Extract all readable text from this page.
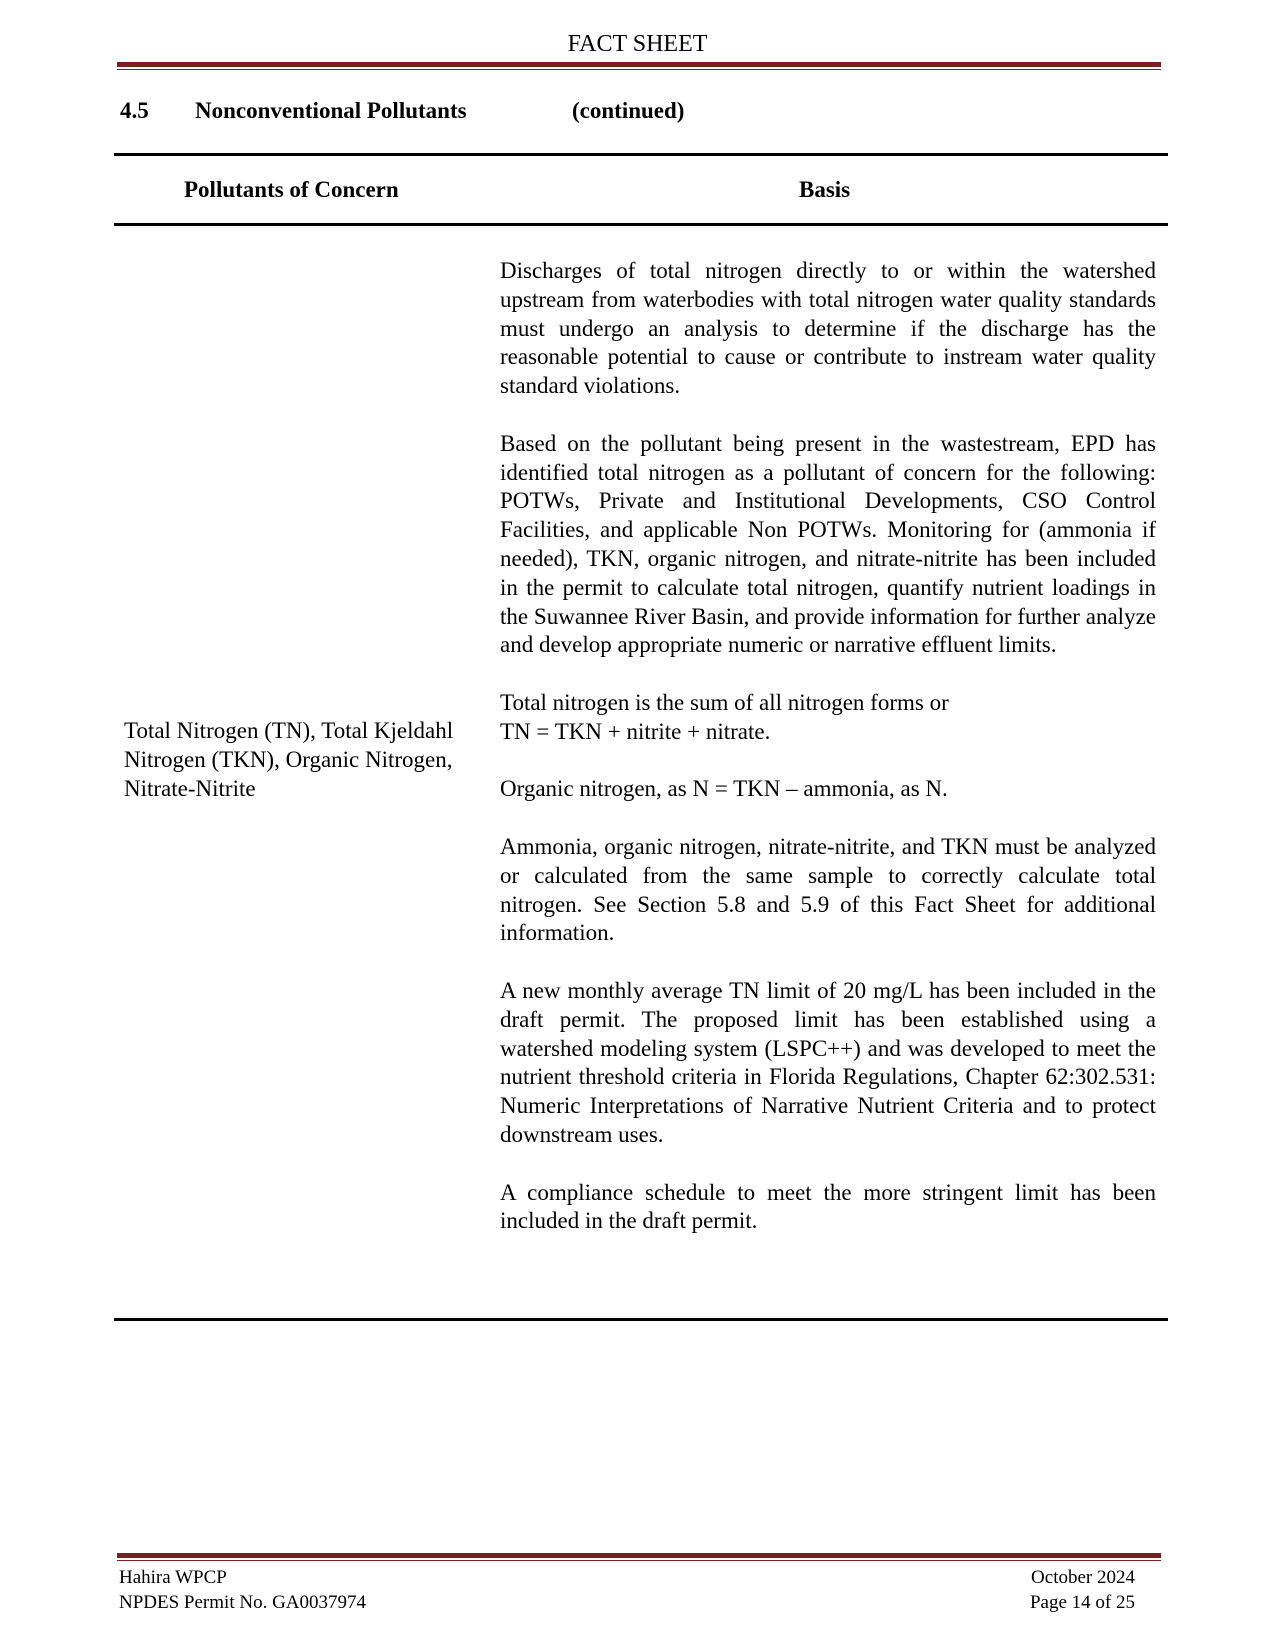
FACT SHEET
4.5 Nonconventional Pollutants	(continued)
Pollutants of Concern	Basis

Discharges of total nitrogen directly to or within the watershed upstream from waterbodies with total nitrogen water quality standards must undergo an analysis to determine if the discharge has the reasonable potential to cause or contribute to instream water quality standard violations.

Based on the pollutant being present in the wastestream, EPD has identified total nitrogen as a pollutant of concern for the following: POTWs, Private and Institutional Developments, CSO Control Facilities, and applicable Non POTWs. Monitoring for (ammonia if needed), TKN, organic nitrogen, and nitrate-nitrite has been included in the permit to calculate total nitrogen, quantify nutrient loadings in the Suwannee River Basin, and provide information for further analyze and develop appropriate numeric or narrative effluent limits.

Total nitrogen is the sum of all nitrogen forms or
TN = TKN + nitrite + nitrate.

Organic nitrogen, as N = TKN – ammonia, as N.

Ammonia, organic nitrogen, nitrate-nitrite, and TKN must be analyzed or calculated from the same sample to correctly calculate total nitrogen. See Section 5.8 and 5.9 of this Fact Sheet for additional information.

A new monthly average TN limit of 20 mg/L has been included in the draft permit. The proposed limit has been established using a watershed modeling system (LSPC++) and was developed to meet the nutrient threshold criteria in Florida Regulations, Chapter 62:302.531: Numeric Interpretations of Narrative Nutrient Criteria and to protect downstream uses.

A compliance schedule to meet the more stringent limit has been included in the draft permit.

Total Nitrogen (TN), Total Kjeldahl Nitrogen (TKN), Organic Nitrogen, Nitrate-Nitrite
Hahira WPCP
NPDES Permit No. GA0037974
October 2024
Page 14 of 25
